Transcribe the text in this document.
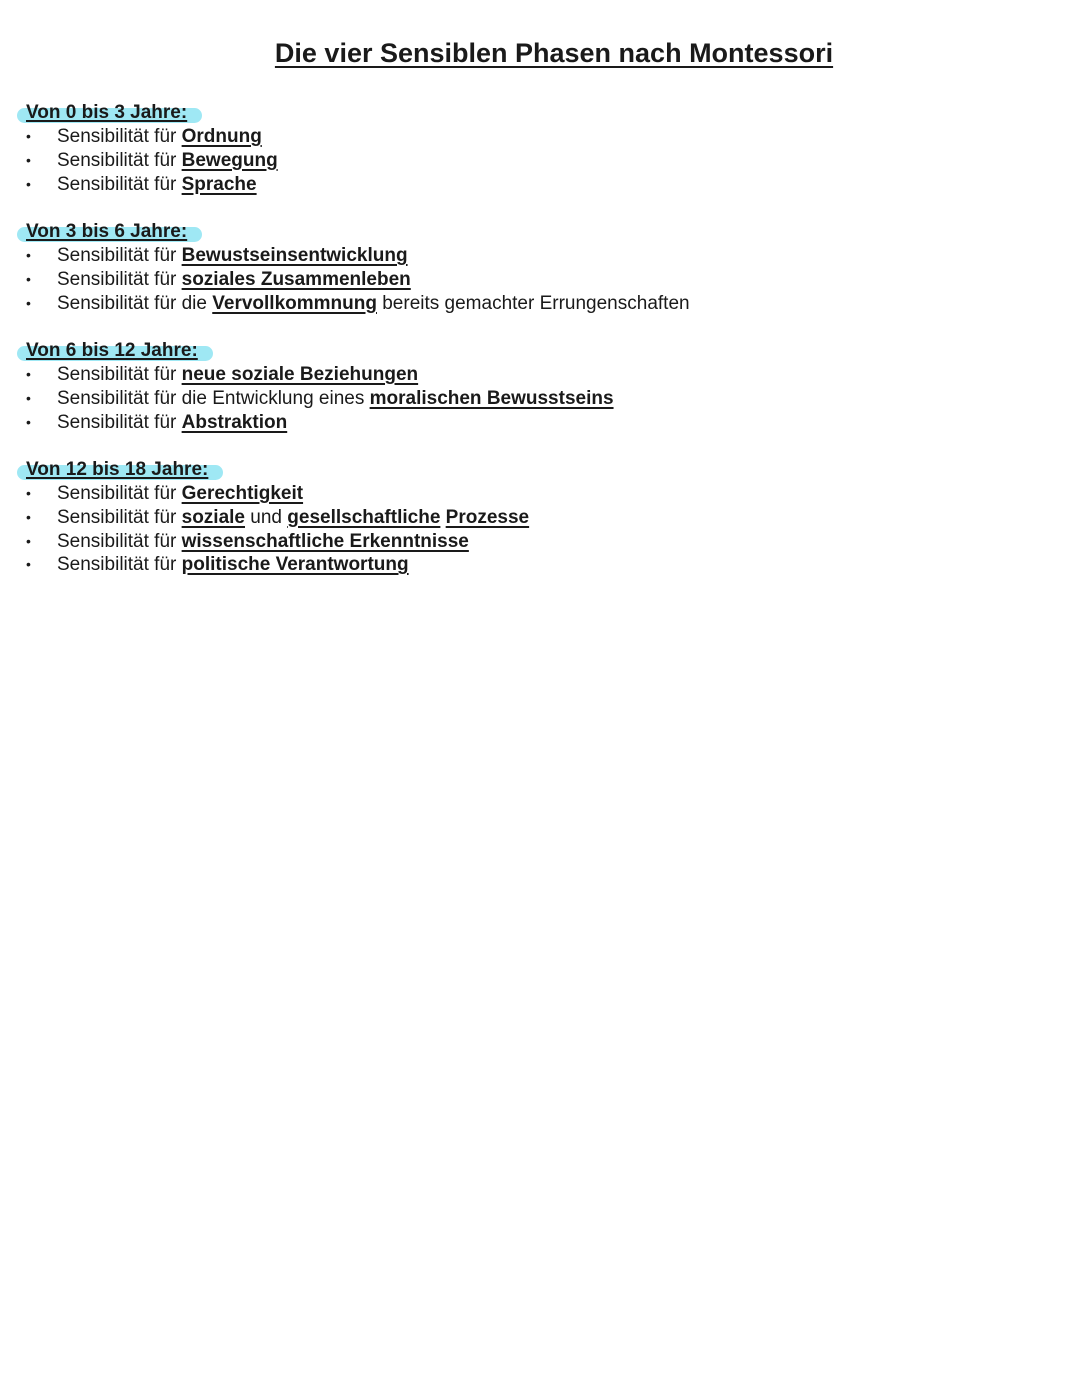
Die vier Sensiblen Phasen nach Montessori
Von 0 bis 3 Jahre:
• Sensibilität für Ordnung
• Sensibilität für Bewegung
• Sensibilität für Sprache
Von 3 bis 6 Jahre:
• Sensibilität für Bewustseinsentwicklung
• Sensibilität für soziales Zusammenleben
• Sensibilität für die Vervollkommnung bereits gemachter Errungenschaften
Von 6 bis 12 Jahre:
• Sensibilität für neue soziale Beziehungen
• Sensibilität für die Entwicklung eines moralischen Bewusstseins
• Sensibilität für Abstraktion
Von 12 bis 18 Jahre:
• Sensibilität für Gerechtigkeit
• Sensibilität für soziale und gesellschaftliche Prozesse
• Sensibilität für wissenschaftliche Erkenntnisse
• Sensibilität für politische Verantwortung
